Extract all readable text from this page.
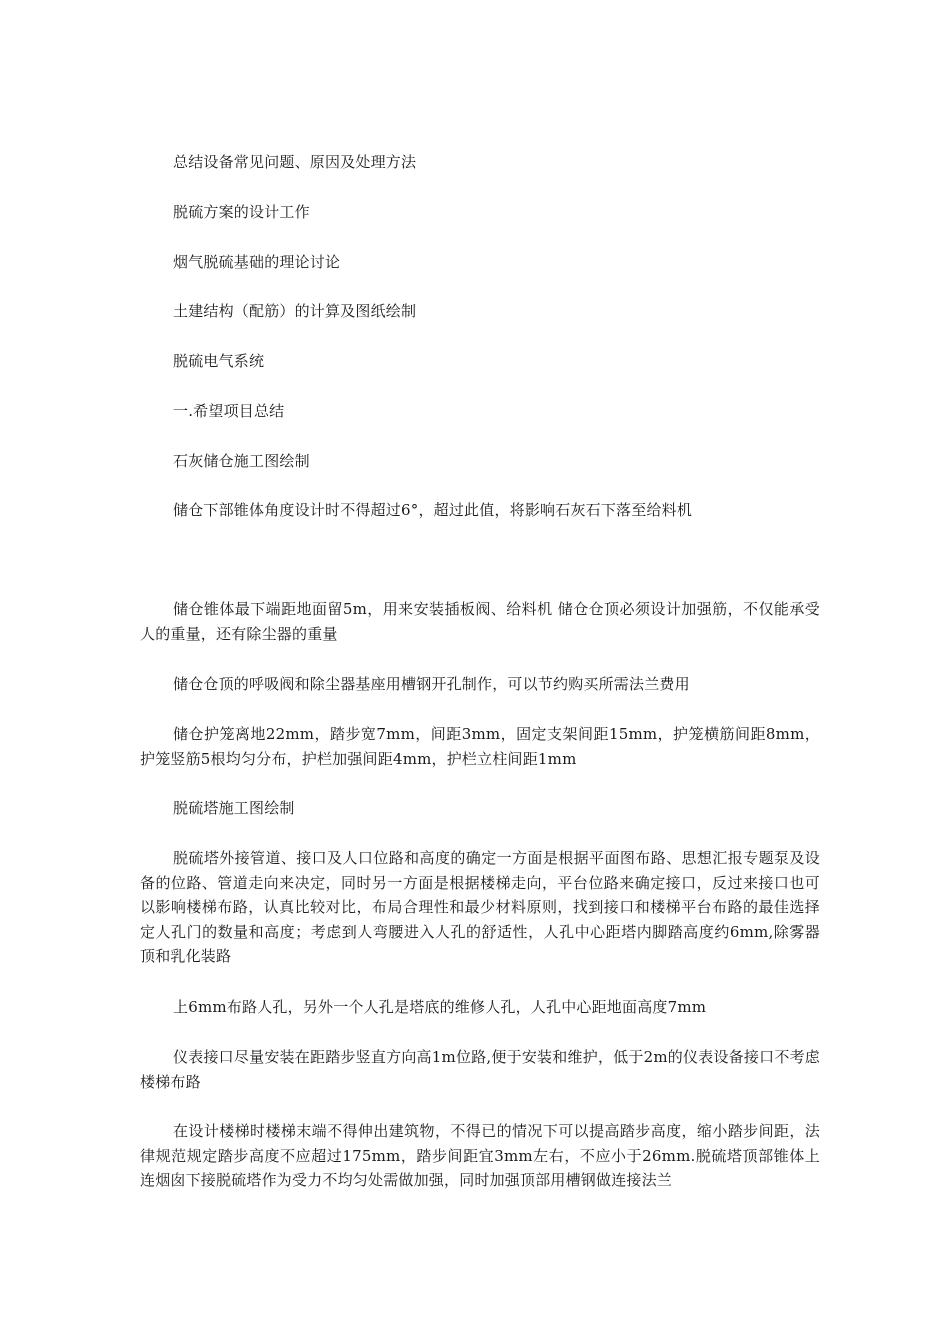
总结设备常见问题、原因及处理方法

脱硫方案的设计工作

烟气脱硫基础的理论讨论

土建结构（配筋）的计算及图纸绘制

脱硫电气系统

一.希望项目总结

石灰储仓施工图绘制

储仓下部锥体角度设计时不得超过6°，超过此值，将影响石灰石下落至给料机

储仓锥体最下端距地面留5m，用来安装插板阀、给料机 储仓仓顶必须设计加强筋，不仅能承受人的重量，还有除尘器的重量

储仓仓顶的呼吸阀和除尘器基座用槽钢开孔制作，可以节约购买所需法兰费用

储仓护笼离地22mm，踏步宽7mm，间距3mm，固定支架间距15mm，护笼横筋间距8mm，护笼竖筋5根均匀分布，护栏加强间距4mm，护栏立柱间距1mm

脱硫塔施工图绘制

脱硫塔外接管道、接口及人口位路和高度的确定一方面是根据平面图布路、思想汇报专题泵及设备的位路、管道走向来决定，同时另一方面是根据楼梯走向，平台位路来确定接口，反过来接口也可以影响楼梯布路，认真比较对比，布局合理性和最少材料原则，找到接口和楼梯平台布路的最佳选择定人孔门的数量和高度；考虑到人弯腰进入人孔的舒适性，人孔中心距塔内脚踏高度约6mm,除雾器顶和乳化装路

上6mm布路人孔，另外一个人孔是塔底的维修人孔，人孔中心距地面高度7mm

仪表接口尽量安装在距踏步竖直方向高1m位路,便于安装和维护，低于2m的仪表设备接口不考虑楼梯布路

在设计楼梯时楼梯末端不得伸出建筑物，不得已的情况下可以提高踏步高度，缩小踏步间距，法律规范规定踏步高度不应超过175mm，踏步间距宜3mm左右，不应小于26mm.脱硫塔顶部锥体上连烟囱下接脱硫塔作为受力不均匀处需做加强，同时加强顶部用槽钢做连接法兰
